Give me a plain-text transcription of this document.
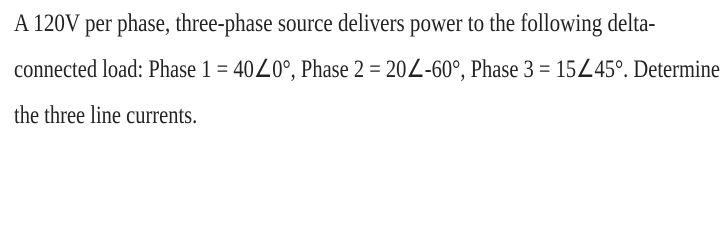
A 120V per phase, three-phase source delivers power to the following delta-
connected load: Phase 1 = 40∠0°, Phase 2 = 20∠-60°, Phase 3 = 15∠45°. Determine
the three line currents.
